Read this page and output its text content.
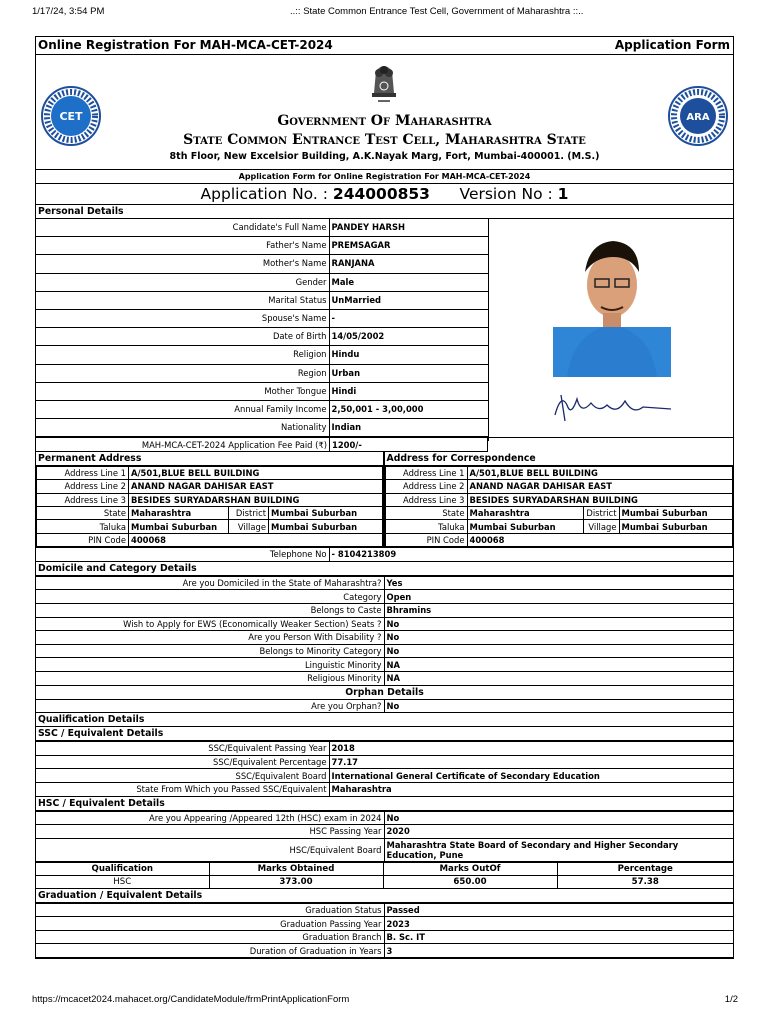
1/17/24, 3:54 PM	..:: State Common Entrance Test Cell, Government of Maharashtra ::..
Online Registration For MAH-MCA-CET-2024	Application Form
CET	ARA
Government Of Maharashtra
State Common Entrance Test Cell, Maharashtra State
8th Floor, New Excelsior Building, A.K.Nayak Marg, Fort, Mumbai-400001. (M.S.)
Application Form for Online Registration For MAH-MCA-CET-2024
Application No. : 244000853 Version No : 1
Personal Details
Candidate's Full Name	PANDEY HARSH
Father's Name	PREMSAGAR
Mother's Name	RANJANA
Gender	Male
Marital Status	UnMarried
Spouse's Name	-
Date of Birth	14/05/2002
Religion	Hindu
Region	Urban
Mother Tongue	Hindi
Annual Family Income	2,50,001 - 3,00,000
Nationality	Indian
MAH-MCA-CET-2024 Application Fee Paid (₹)	1200/-
Permanent Address
Address Line 1	A/501,BLUE BELL BUILDING		
Address Line 2	ANAND NAGAR DAHISAR EAST		
Address Line 3	BESIDES SURYADARSHAN BUILDING		
State	Maharashtra	District	Mumbai Suburban
Taluka	Mumbai Suburban	Village	Mumbai Suburban
PIN Code	400068		
Address for Correspondence
Address Line 1	A/501,BLUE BELL BUILDING		
Address Line 2	ANAND NAGAR DAHISAR EAST		
Address Line 3	BESIDES SURYADARSHAN BUILDING		
State	Maharashtra	District	Mumbai Suburban
Taluka	Mumbai Suburban	Village	Mumbai Suburban
PIN Code	400068		
Telephone No	- 8104213809
Domicile and Category Details
Are you Domiciled in the State of Maharashtra?	Yes
Category	Open
Belongs to Caste	Bhramins
Wish to Apply for EWS (Economically Weaker Section) Seats ?	No
Are you Person With Disability ?	No
Belongs to Minority Category	No
Linguistic Minority	NA
Religious Minority	NA
Orphan Details
Are you Orphan?	No
Qualification Details
SSC / Equivalent Details
SSC/Equivalent Passing Year	2018
SSC/Equivalent Percentage	77.17
SSC/Equivalent Board	International General Certificate of Secondary Education
State From Which you Passed SSC/Equivalent	Maharashtra
HSC / Equivalent Details
Are you Appearing /Appeared 12th (HSC) exam in 2024	No
HSC Passing Year	2020
HSC/Equivalent Board	Maharashtra State Board of Secondary and Higher Secondary
Education, Pune
Qualification	Marks Obtained	Marks OutOf	Percentage
HSC	373.00	650.00	57.38
Graduation / Equivalent Details
Graduation Status	Passed
Graduation Passing Year	2023
Graduation Branch	B. Sc. IT
Duration of Graduation in Years	3
https://mcacet2024.mahacet.org/CandidateModule/frmPrintApplicationForm	1/2
